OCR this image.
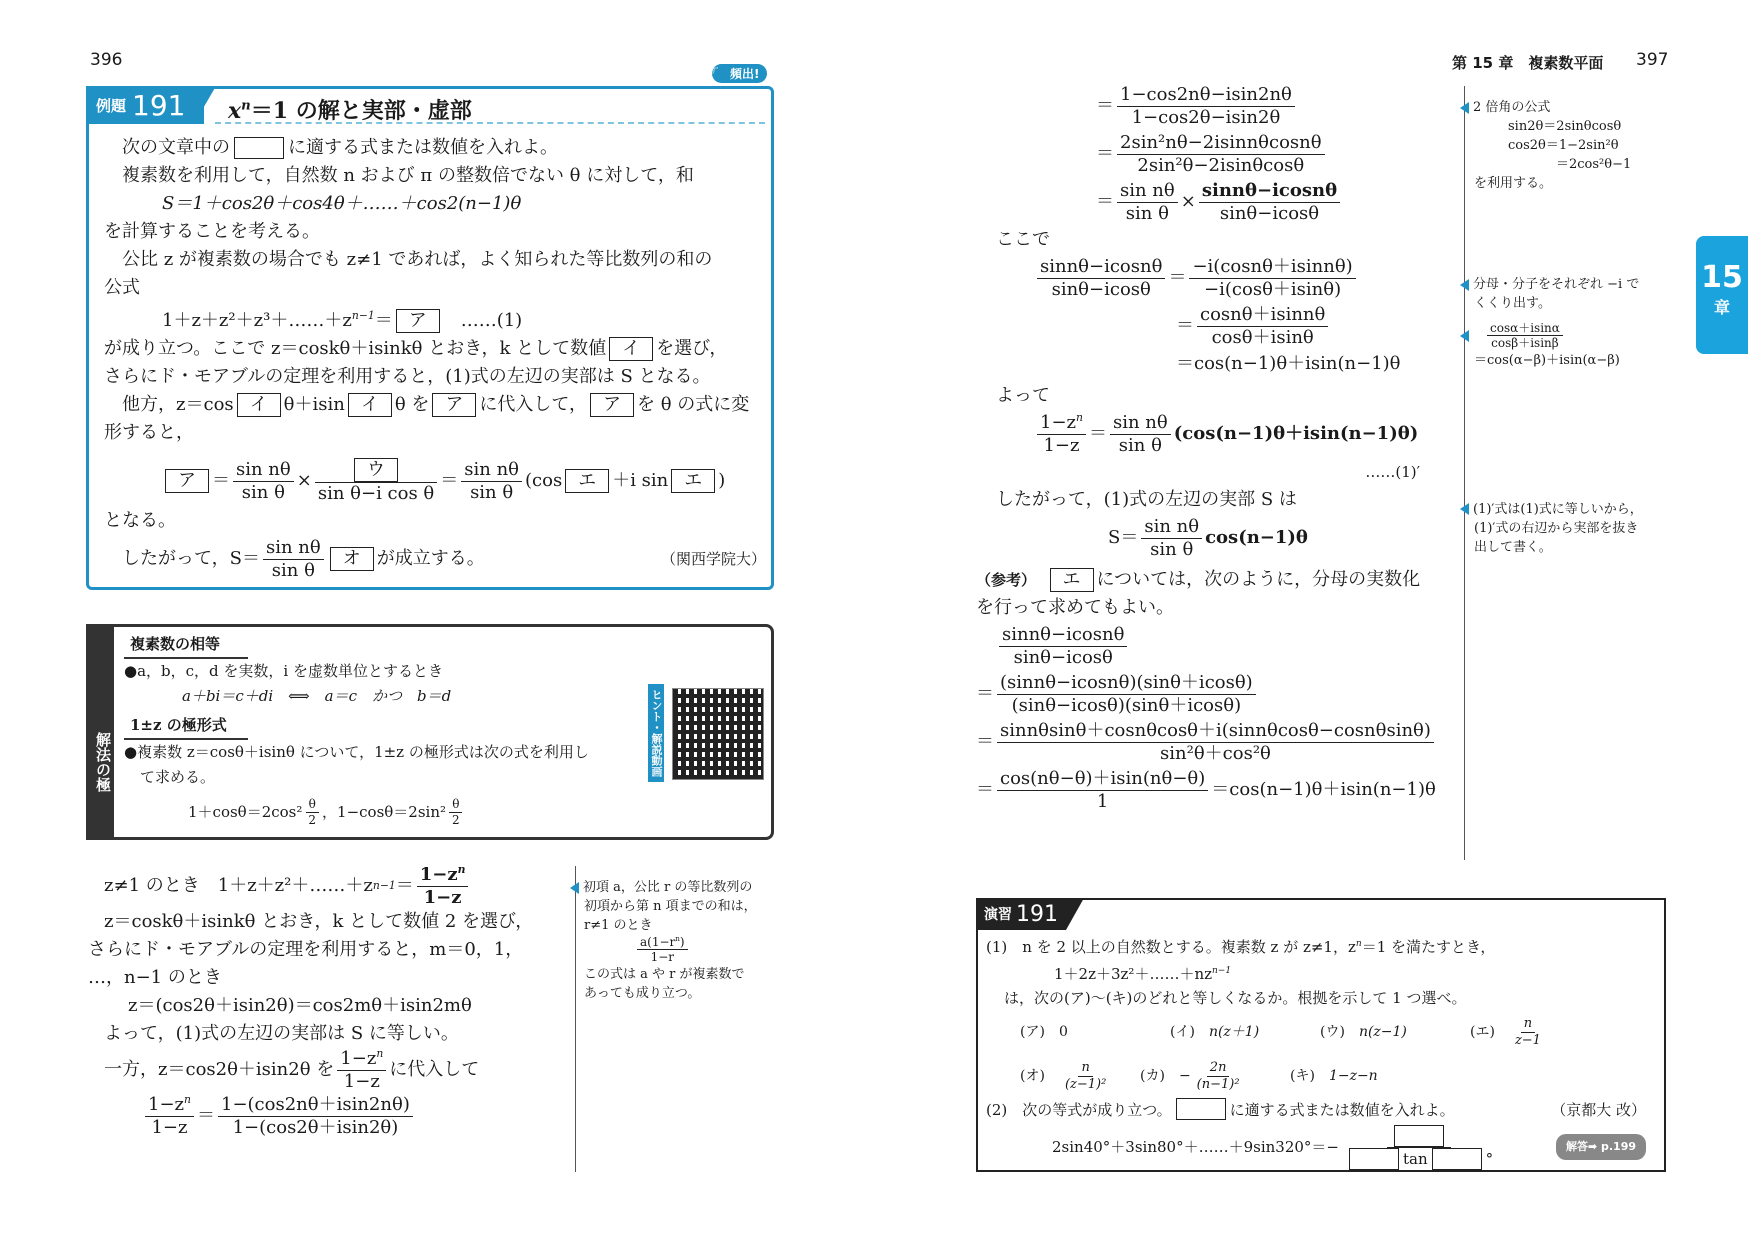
396	第 15 章　複素数平面 397
☞ 頻出!
15
章
例題 191 $x^n=1$ の解と実部・虚部
次の文章中の	に適する式または数値を入れよ。
複素数を利用して，自然数 n および π の整数倍でない θ に対して，和
S＝1＋cos2θ＋cos4θ＋……＋cos2(n−1)θ
を計算することを考える。
公比 z が複素数の場合でも z≠1 であれば，よく知られた等比数列の和の
公式
$1+z+z^2+z^3+\dots\dots+z^{n-1}=$ ア　 ……(1)
が成り立つ。ここで z＝coskθ＋isinkθ とおき，k として数値 イ を選び，
さらにド・モアブルの定理を利用すると，(1)式の左辺の実部は S となる。
他方，z＝cos イ θ＋isin イ θ を ア に代入して， ア を θ の式に変
形すると，
ア ＝
sin nθ
sin θ
×
ウ
sin θ−i cos θ
＝
sin nθ
sin θ
(cos エ ＋i sin エ )
となる。
したがって，S＝
sin nθ
sin θ
オ が成立する。	（関西学院大）
解法の極
複素数の相等
●a，b，c，d を実数，i を虚数単位とするとき
a＋bi＝c＋di　⟺　a＝c　かつ　b＝d
1±z の極形式
●複素数 z＝cosθ＋isinθ について，1±z の極形式は次の式を利用し
て求める。
1＋cosθ＝2cos² θ
2 ，1−cosθ＝2sin² θ
2
ヒント・解説動画
z≠1 のとき　1＋z＋z²＋……＋z n−1 ＝
$1-z^n$
1−z
z＝coskθ＋isinkθ とおき，k として数値 2 を選び，
さらにド・モアブルの定理を利用すると，m＝0，1，
…，n−1 のとき
z＝(cos2θ＋isin2θ)＝cos2mθ＋isin2mθ
よって，(1)式の左辺の実部は S に等しい。
一方，z＝cos2θ＋isin2θ を
$1-z^n$
1−z
に代入して
$1-z^n$
1−z
＝
1−(cos2nθ＋isin2nθ)
1−(cos2θ＋isin2θ)
初項 a，公比 r の等比数列の
初項から第 n 項までの和は，
r≠1 のとき
$\frac{a(1-r^n)}{1-r}$
この式は a や r が複素数で
あっても成り立つ。
＝
1−cos2nθ−isin2nθ
1−cos2θ−isin2θ
＝
2sin²nθ−2isinnθcosnθ
2sin²θ−2isinθcosθ
＝
sin nθ
sin θ
×
sinnθ−icosnθ
sinθ−icosθ
ここで
sinnθ−icosnθ
sinθ−icosθ
＝
−i(cosnθ＋isinnθ)
−i(cosθ＋isinθ)
＝
cosnθ＋isinnθ
cosθ＋isinθ
＝cos(n−1)θ＋isin(n−1)θ
よって
$1-z^n$
1−z
＝
sin nθ
sin θ
(cos(n−1)θ＋isin(n−1)θ)
……(1)′
したがって，(1)式の左辺の実部 S は
S＝
sin nθ
sin θ
cos(n−1)θ
（参考）　 エ については，次のように，分母の実数化
を行って求めてもよい。
sinnθ−icosnθ
sinθ−icosθ
＝
(sinnθ−icosnθ)(sinθ＋icosθ)
(sinθ−icosθ)(sinθ＋icosθ)
＝
sinnθsinθ＋cosnθcosθ＋i(sinnθcosθ−cosnθsinθ)
sin²θ＋cos²θ
＝
cos(nθ−θ)＋isin(nθ−θ)
1
＝cos(n−1)θ＋isin(n−1)θ
2 倍角の公式
sin2θ＝2sinθcosθ
cos2θ＝1−2sin²θ
＝2cos²θ−1
を利用する。
分母・分子をそれぞれ −i で
くくり出す。
cosα＋isinα
cosβ＋isinβ
＝cos(α−β)＋isin(α−β)
(1)′式は(1)式に等しいから，
(1)′式の右辺から実部を抜き
出して書く。
演習 191
(1)　n を 2 以上の自然数とする。複素数 z が z≠1，$z^n=1$ を満たすとき，
$1+2z+3z^2+\dots\dots+nz^{n-1}$
は，次の(ア)〜(キ)のどれと等しくなるか。根拠を示して 1 つ選べ。
(ア)　 0	(イ)　 n(z＋1)	(ウ)　 n(z−1)	(エ)

n
z−1
(オ)

n
(z−1)² (カ)
　 − $\frac{2n}{\text{(n−1)²}}$	(キ)　 1−z−n
(2)　次の等式が成り立つ。	に適する式または数値を入れよ。	（京都大 改）
2sin40°＋3sin80°＋……＋9sin320°＝−
tan	°
解答➡ p.199
